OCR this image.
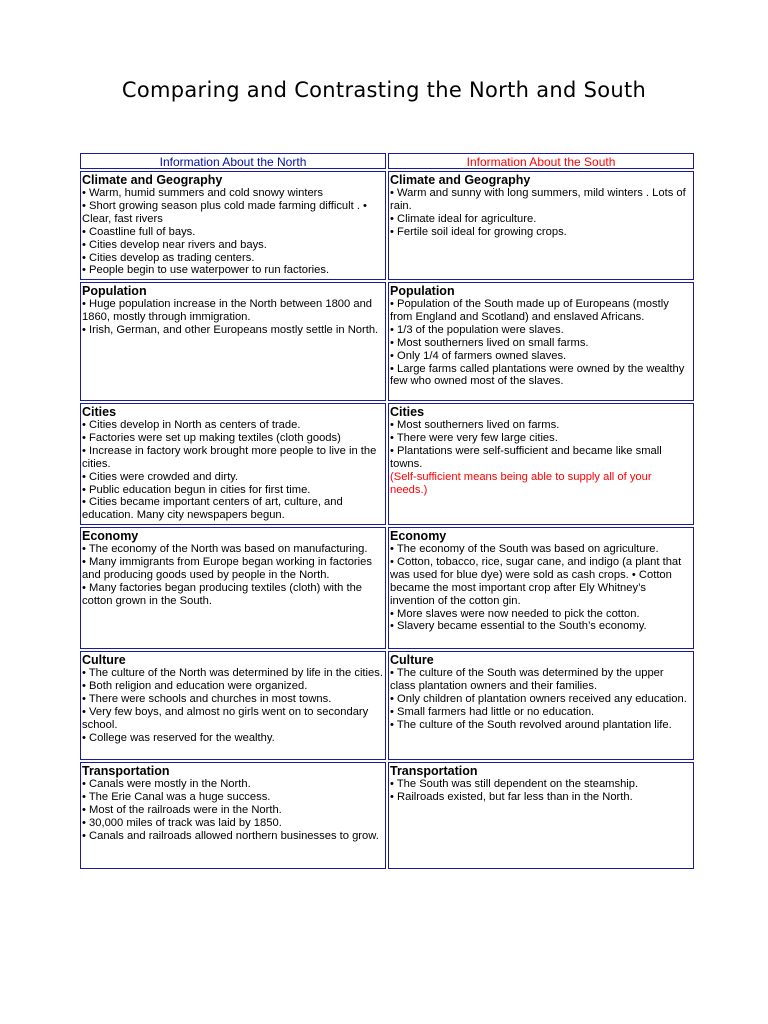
Comparing and Contrasting the North and South
Information About the North	Information About the South
Climate and Geography
• Warm, humid summers and cold snowy winters
• Short growing season plus cold made farming difficult . • Clear, fast rivers
• Coastline full of bays.
• Cities develop near rivers and bays.
• Cities develop as trading centers.
• People begin to use waterpower to run factories.
Climate and Geography
• Warm and sunny with long summers, mild winters . Lots of rain.
• Climate ideal for agriculture.
• Fertile soil ideal for growing crops.
Population
• Huge population increase in the North between 1800 and 1860, mostly through immigration.
• Irish, German, and other Europeans mostly settle in North.
Population
• Population of the South made up of Europeans (mostly from England and Scotland) and enslaved Africans.
• 1/3 of the population were slaves.
• Most southerners lived on small farms.
• Only 1/4 of farmers owned slaves.
• Large farms called plantations were owned by the wealthy few who owned most of the slaves.
Cities
• Cities develop in North as centers of trade.
• Factories were set up making textiles (cloth goods)
• Increase in factory work brought more people to live in the cities.
• Cities were crowded and dirty.
• Public education begun in cities for first time.
• Cities became important centers of art, culture, and education. Many city newspapers begun.
Cities
• Most southerners lived on farms.
• There were very few large cities.
• Plantations were self-sufficient and became like small towns.
(Self-sufficient means being able to supply all of your needs.)
Economy
• The economy of the North was based on manufacturing.
• Many immigrants from Europe began working in factories and producing goods used by people in the North.
• Many factories began producing textiles (cloth) with the cotton grown in the South.
Economy
• The economy of the South was based on agriculture.
• Cotton, tobacco, rice, sugar cane, and indigo (a plant that was used for blue dye) were sold as cash crops. • Cotton became the most important crop after Ely Whitney’s invention of the cotton gin.
• More slaves were now needed to pick the cotton.
• Slavery became essential to the South’s economy.
Culture
• The culture of the North was determined by life in the cities.
• Both religion and education were organized.
• There were schools and churches in most towns.
• Very few boys, and almost no girls went on to secondary school.
• College was reserved for the wealthy.
Culture
• The culture of the South was determined by the upper class plantation owners and their families.
• Only children of plantation owners received any education.
• Small farmers had little or no education.
• The culture of the South revolved around plantation life.
Transportation
• Canals were mostly in the North.
• The Erie Canal was a huge success.
• Most of the railroads were in the North.
• 30,000 miles of track was laid by 1850.
• Canals and railroads allowed northern businesses to grow.
Transportation
• The South was still dependent on the steamship.
• Railroads existed, but far less than in the North.
